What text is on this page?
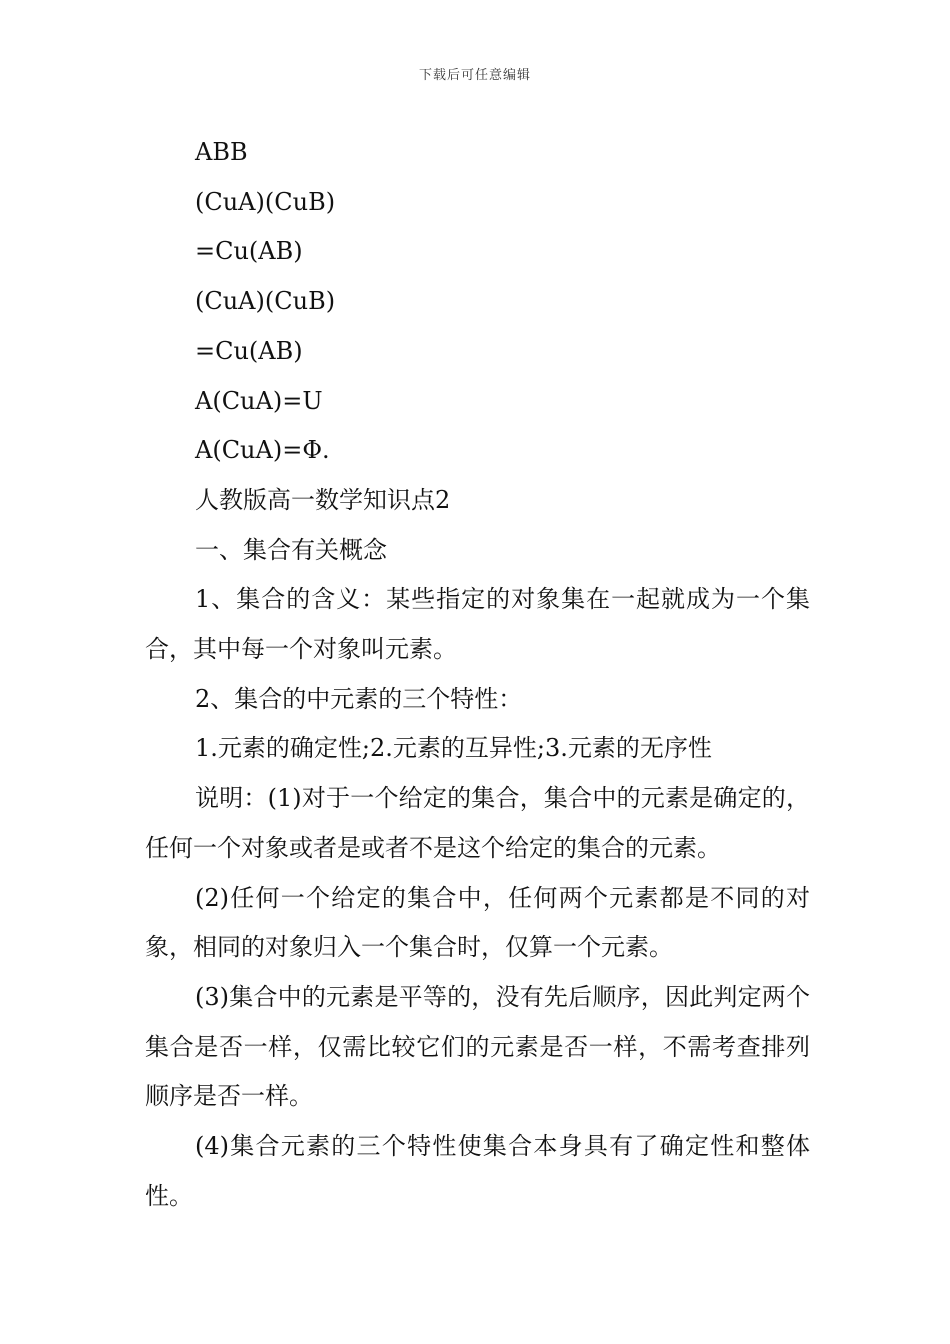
下载后可任意编辑

ABB

(CuA)(CuB)

=Cu(AB)

(CuA)(CuB)

=Cu(AB)

A(CuA)=U

A(CuA)=Φ.

人教版高一数学知识点2

一、集合有关概念

1、集合的含义：某些指定的对象集在一起就成为一个集合，其中每一个对象叫元素。

2、集合的中元素的三个特性：

1.元素的确定性;2.元素的互异性;3.元素的无序性

说明：(1)对于一个给定的集合，集合中的元素是确定的，任何一个对象或者是或者不是这个给定的集合的元素。

(2)任何一个给定的集合中，任何两个元素都是不同的对象，相同的对象归入一个集合时，仅算一个元素。

(3)集合中的元素是平等的，没有先后顺序，因此判定两个集合是否一样，仅需比较它们的元素是否一样，不需考查排列顺序是否一样。

(4)集合元素的三个特性使集合本身具有了确定性和整体性。
